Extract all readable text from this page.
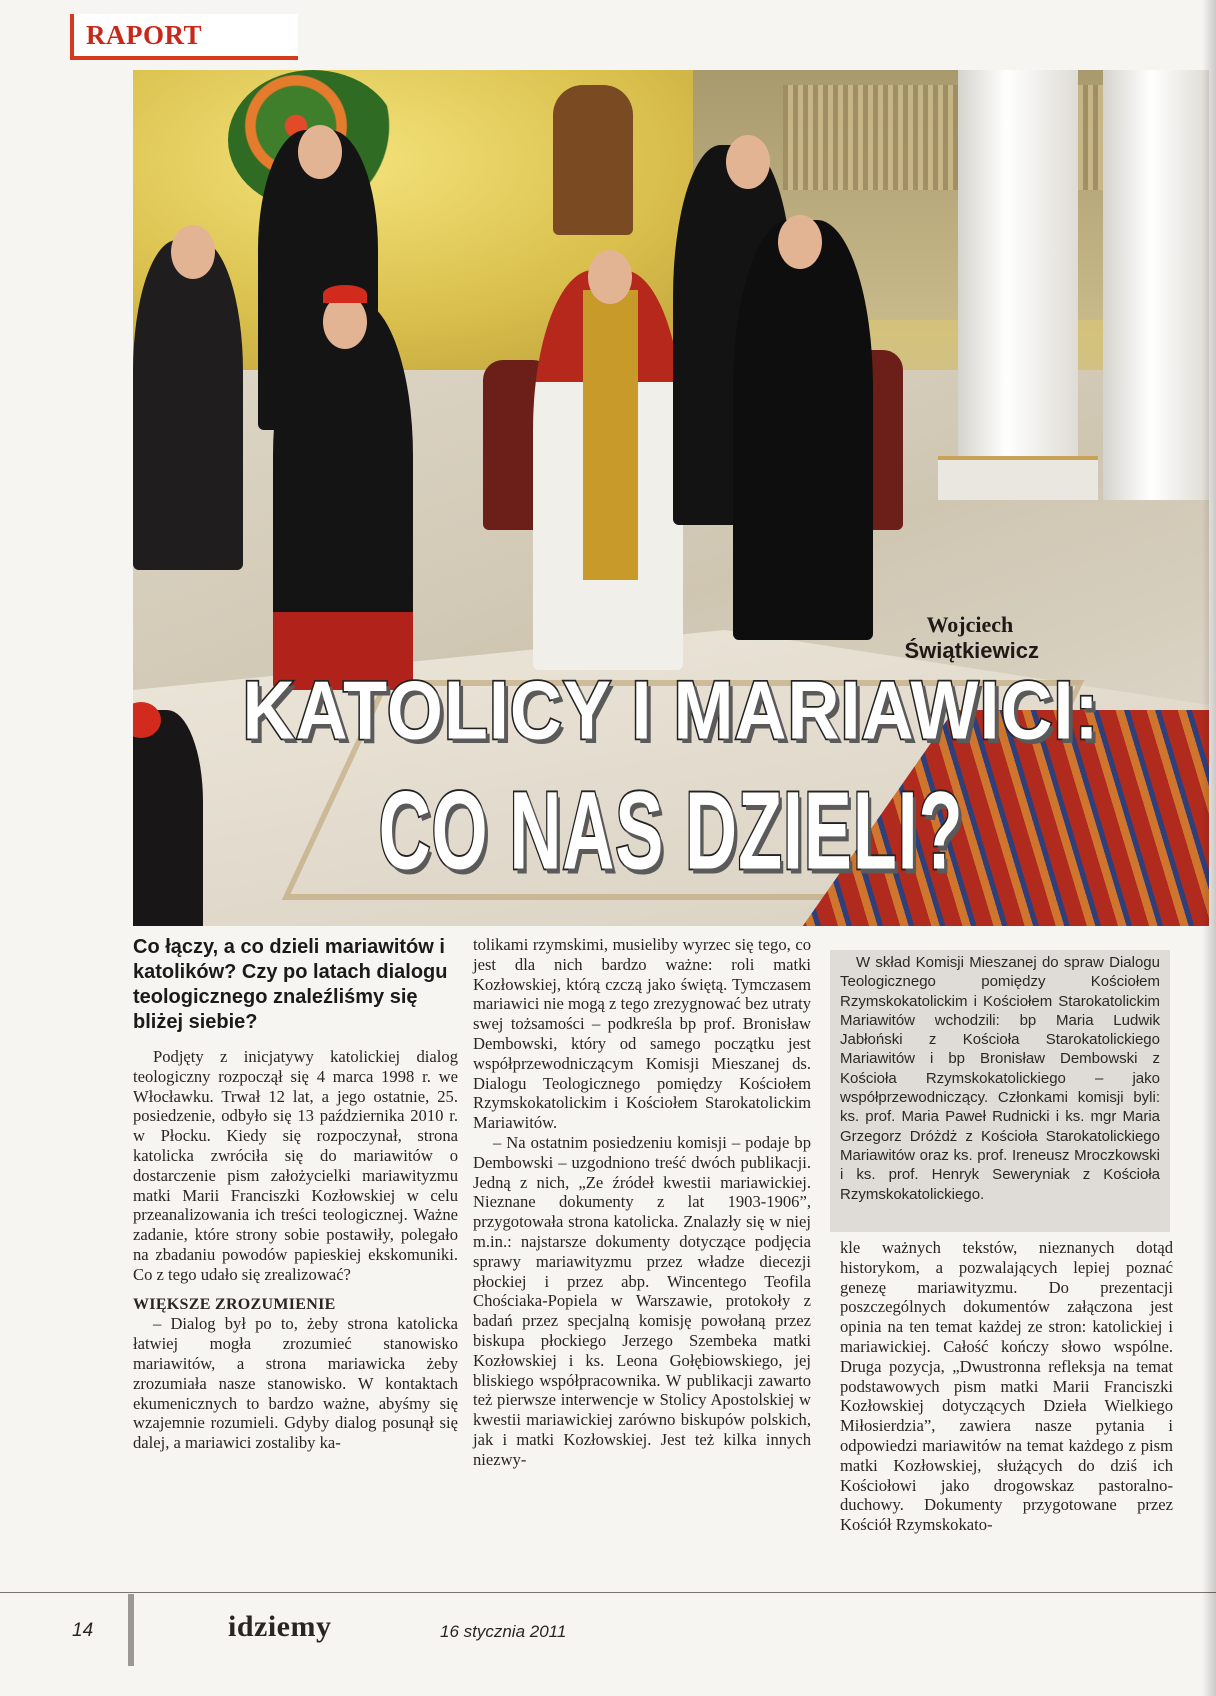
RAPORT
Wojciech
Świątkiewicz
KATOLICY I MARIAWICI:
CO NAS DZIELI?

Co łączy, a co dzieli mariawitów i katolików? Czy po latach dialogu teologicznego znaleźliśmy się bliżej siebie?

Podjęty z inicjatywy katolickiej dialog teologiczny rozpoczął się 4 marca 1998 r. we Włocławku. Trwał 12 lat, a jego ostatnie, 25. posiedzenie, odbyło się 13 października 2010 r. w Płocku. Kiedy się rozpoczynał, strona katolicka zwróciła się do mariawitów o dostarczenie pism założycielki mariawityzmu matki Marii Franciszki Kozłowskiej w celu przeanalizowania ich treści teologicznej. Ważne zadanie, które strony sobie postawiły, polegało na zbadaniu powodów papieskiej ekskomuniki. Co z tego udało się zrealizować?

WIĘKSZE ZROZUMIENIE

– Dialog był po to, żeby strona katolicka łatwiej mogła zrozumieć stanowisko mariawitów, a strona mariawicka żeby zrozumiała nasze stanowisko. W kontaktach ekumenicznych to bardzo ważne, abyśmy się wzajemnie rozumieli. Gdyby dialog posunął się dalej, a mariawici zostaliby ka-

tolikami rzymskimi, musieliby wyrzec się tego, co jest dla nich bardzo ważne: roli matki Kozłowskiej, którą czczą jako świętą. Tymczasem mariawici nie mogą z tego zrezygnować bez utraty swej tożsamości – podkreśla bp prof. Bronisław Dembowski, który od samego początku jest współprzewodniczącym Komisji Mieszanej ds. Dialogu Teologicznego pomiędzy Kościołem Rzymskokatolickim i Kościołem Starokatolickim Mariawitów.

– Na ostatnim posiedzeniu komisji – podaje bp Dembowski – uzgodniono treść dwóch publikacji. Jedną z nich, „Ze źródeł kwestii mariawickiej. Nieznane dokumenty z lat 1903-1906”, przygotowała strona katolicka. Znalazły się w niej m.in.: najstarsze dokumenty dotyczące podjęcia sprawy mariawityzmu przez władze diecezji płockiej i przez abp. Wincentego Teofila Chościaka-Popiela w Warszawie, protokoły z badań przez specjalną komisję powołaną przez biskupa płockiego Jerzego Szembeka matki Kozłowskiej i ks. Leona Gołębiowskiego, jej bliskiego współpracownika. W publikacji zawarto też pierwsze interwencje w Stolicy Apostolskiej w kwestii mariawickiej zarówno biskupów polskich, jak i matki Kozłowskiej. Jest też kilka innych niezwy-

W skład Komisji Mieszanej do spraw Dialogu Teologicznego pomiędzy Kościołem Rzymskokatolickim i Kościołem Starokatolickim Mariawitów wchodzili: bp Maria Ludwik Jabłoński z Kościoła Starokatolickiego Mariawitów i bp Bronisław Dembowski z Kościoła Rzymskokatolickiego – jako współprzewodniczący. Członkami komisji byli: ks. prof. Maria Paweł Rudnicki i ks. mgr Maria Grzegorz Dróżdż z Kościoła Starokatolickiego Mariawitów oraz ks. prof. Ireneusz Mroczkowski i ks. prof. Henryk Seweryniak z Kościoła Rzymskokatolickiego.

kle ważnych tekstów, nieznanych dotąd historykom, a pozwalających lepiej poznać genezę mariawityzmu. Do prezentacji poszczególnych dokumentów załączona jest opinia na ten temat każdej ze stron: katolickiej i mariawickiej. Całość kończy słowo wspólne. Druga pozycja, „Dwustronna refleksja na temat podstawowych pism matki Marii Franciszki Kozłowskiej dotyczących Dzieła Wielkiego Miłosierdzia”, zawiera nasze pytania i odpowiedzi mariawitów na temat każdego z pism matki Kozłowskiej, służących do dziś ich Kościołowi jako drogowskaz pastoralno-duchowy. Dokumenty przygotowane przez Kościół Rzymskokato-

14	idziemy	16 stycznia 2011
